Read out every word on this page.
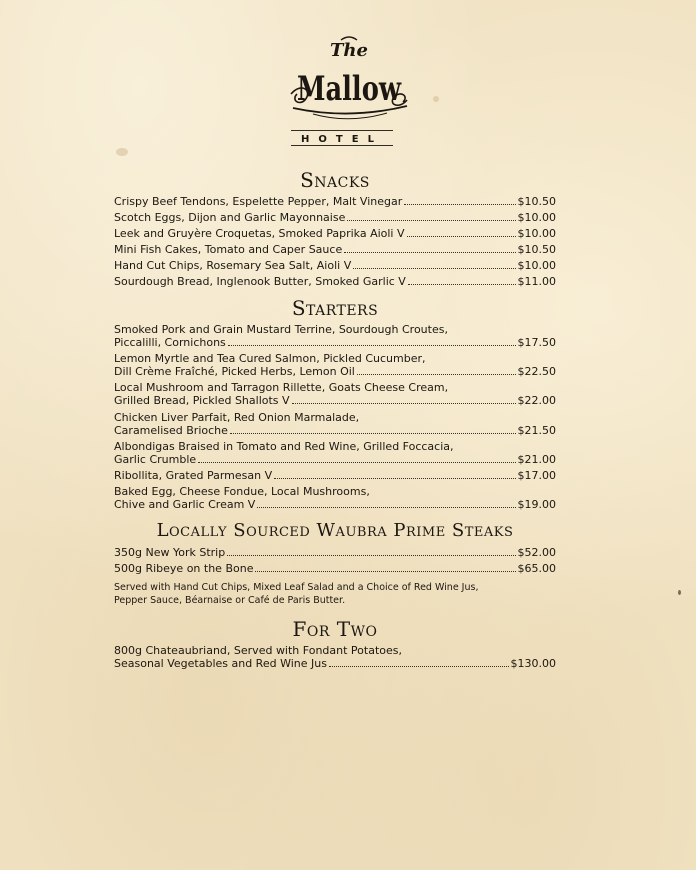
The
Mallow
HOTEL
Snacks
Crispy Beef Tendons, Espelette Pepper, Malt Vinegar	$10.50
Scotch Eggs, Dijon and Garlic Mayonnaise	$10.00
Leek and Gruyère Croquetas, Smoked Paprika Aioli V	$10.00
Mini Fish Cakes, Tomato and Caper Sauce	$10.50
Hand Cut Chips, Rosemary Sea Salt, Aioli V	$10.00
Sourdough Bread, Inglenook Butter, Smoked Garlic V	$11.00
Starters
Smoked Pork and Grain Mustard Terrine, Sourdough Croutes,
Piccalilli, Cornichons	$17.50
Lemon Myrtle and Tea Cured Salmon, Pickled Cucumber,
Dill Crème Fraîché, Picked Herbs, Lemon Oil	$22.50
Local Mushroom and Tarragon Rillette, Goats Cheese Cream,
Grilled Bread, Pickled Shallots V	$22.00
Chicken Liver Parfait, Red Onion Marmalade,
Caramelised Brioche	$21.50
Albondigas Braised in Tomato and Red Wine, Grilled Foccacia,
Garlic Crumble	$21.00
Ribollita, Grated Parmesan V	$17.00
Baked Egg, Cheese Fondue, Local Mushrooms,
Chive and Garlic Cream V	$19.00
Locally Sourced Waubra Prime Steaks
350g New York Strip	$52.00
500g Ribeye on the Bone	$65.00
Served with Hand Cut Chips, Mixed Leaf Salad and a Choice of Red Wine Jus,
Pepper Sauce, Béarnaise or Café de Paris Butter.
For Two
800g Chateaubriand, Served with Fondant Potatoes,
Seasonal Vegetables and Red Wine Jus	$130.00
